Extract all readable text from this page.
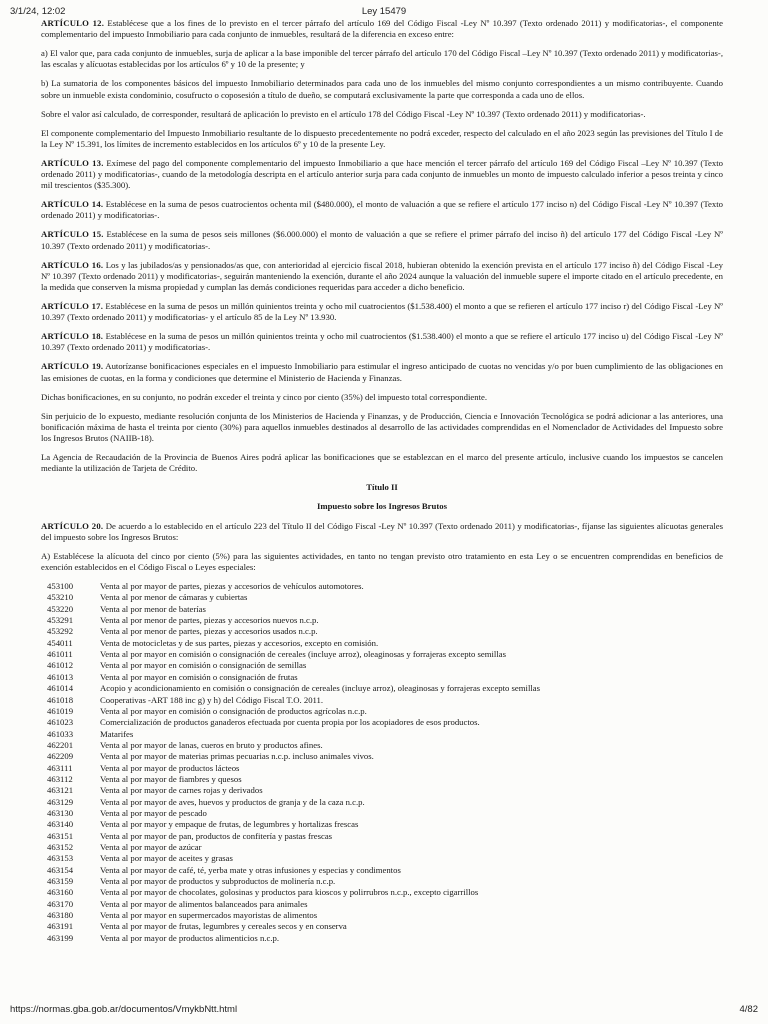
3/1/24, 12:02	Ley 15479

ARTÍCULO 12. Establécese que a los fines de lo previsto en el tercer párrafo del artículo 169 del Código Fiscal -Ley Nº 10.397 (Texto ordenado 2011) y modificatorias-, el componente complementario del impuesto Inmobiliario para cada conjunto de inmuebles, resultará de la diferencia en exceso entre:

a) El valor que, para cada conjunto de inmuebles, surja de aplicar a la base imponible del tercer párrafo del artículo 170 del Código Fiscal –Ley Nº 10.397 (Texto ordenado 2011) y modificatorias-, las escalas y alícuotas establecidas por los artículos 6º y 10 de la presente; y

b) La sumatoria de los componentes básicos del impuesto Inmobiliario determinados para cada uno de los inmuebles del mismo conjunto correspondientes a un mismo contribuyente. Cuando sobre un inmueble exista condominio, cosufructo o coposesión a título de dueño, se computará exclusivamente la parte que corresponda a cada uno de ellos.

Sobre el valor así calculado, de corresponder, resultará de aplicación lo previsto en el artículo 178 del Código Fiscal -Ley Nº 10.397 (Texto ordenado 2011) y modificatorias-.

El componente complementario del Impuesto Inmobiliario resultante de lo dispuesto precedentemente no podrá exceder, respecto del calculado en el año 2023 según las previsiones del Título I de la Ley Nº 15.391, los límites de incremento establecidos en los artículos 6º y 10 de la presente Ley.

ARTÍCULO 13. Exímese del pago del componente complementario del impuesto Inmobiliario a que hace mención el tercer párrafo del artículo 169 del Código Fiscal –Ley Nº 10.397 (Texto ordenado 2011) y modificatorias-, cuando de la metodología descripta en el artículo anterior surja para cada conjunto de inmuebles un monto de impuesto calculado inferior a pesos treinta y cinco mil trescientos ($35.300).

ARTÍCULO 14. Establécese en la suma de pesos cuatrocientos ochenta mil ($480.000), el monto de valuación a que se refiere el artículo 177 inciso n) del Código Fiscal -Ley Nº 10.397 (Texto ordenado 2011) y modificatorias-.

ARTÍCULO 15. Establécese en la suma de pesos seis millones ($6.000.000) el monto de valuación a que se refiere el primer párrafo del inciso ñ) del artículo 177 del Código Fiscal -Ley Nº 10.397 (Texto ordenado 2011) y modificatorias-.

ARTÍCULO 16. Los y las jubilados/as y pensionados/as que, con anterioridad al ejercicio fiscal 2018, hubieran obtenido la exención prevista en el artículo 177 inciso ñ) del Código Fiscal -Ley Nº 10.397 (Texto ordenado 2011) y modificatorias-, seguirán manteniendo la exención, durante el año 2024 aunque la valuación del inmueble supere el importe citado en el artículo precedente, en la medida que conserven la misma propiedad y cumplan las demás condiciones requeridas para acceder a dicho beneficio.

ARTÍCULO 17. Establécese en la suma de pesos un millón quinientos treinta y ocho mil cuatrocientos ($1.538.400) el monto a que se refieren el artículo 177 inciso r) del Código Fiscal -Ley Nº 10.397 (Texto ordenado 2011) y modificatorias- y el artículo 85 de la Ley Nº 13.930.

ARTÍCULO 18. Establécese en la suma de pesos un millón quinientos treinta y ocho mil cuatrocientos ($1.538.400) el monto a que se refiere el artículo 177 inciso u) del Código Fiscal -Ley Nº 10.397 (Texto ordenado 2011) y modificatorias-.

ARTÍCULO 19. Autorízanse bonificaciones especiales en el impuesto Inmobiliario para estimular el ingreso anticipado de cuotas no vencidas y/o por buen cumplimiento de las obligaciones en las emisiones de cuotas, en la forma y condiciones que determine el Ministerio de Hacienda y Finanzas.

Dichas bonificaciones, en su conjunto, no podrán exceder el treinta y cinco por ciento (35%) del impuesto total correspondiente.

Sin perjuicio de lo expuesto, mediante resolución conjunta de los Ministerios de Hacienda y Finanzas, y de Producción, Ciencia e Innovación Tecnológica se podrá adicionar a las anteriores, una bonificación máxima de hasta el treinta por ciento (30%) para aquellos inmuebles destinados al desarrollo de las actividades comprendidas en el Nomenclador de Actividades del Impuesto sobre los Ingresos Brutos (NAIIB-18).

La Agencia de Recaudación de la Provincia de Buenos Aires podrá aplicar las bonificaciones que se establezcan en el marco del presente artículo, inclusive cuando los impuestos se cancelen mediante la utilización de Tarjeta de Crédito.

Título II
Impuesto sobre los Ingresos Brutos

ARTÍCULO 20. De acuerdo a lo establecido en el artículo 223 del Título II del Código Fiscal -Ley Nº 10.397 (Texto ordenado 2011) y modificatorias-, fíjanse las siguientes alícuotas generales del impuesto sobre los Ingresos Brutos:

A) Establécese la alícuota del cinco por ciento (5%) para las siguientes actividades, en tanto no tengan previsto otro tratamiento en esta Ley o se encuentren comprendidas en beneficios de exención establecidos en el Código Fiscal o Leyes especiales:

453100	Venta al por mayor de partes, piezas y accesorios de vehículos automotores.
453210	Venta al por menor de cámaras y cubiertas
453220	Venta al por menor de baterías
453291	Venta al por menor de partes, piezas y accesorios nuevos n.c.p.
453292	Venta al por menor de partes, piezas y accesorios usados n.c.p.
454011	Venta de motocicletas y de sus partes, piezas y accesorios, excepto en comisión.
461011	Venta al por mayor en comisión o consignación de cereales (incluye arroz), oleaginosas y forrajeras excepto semillas
461012	Venta al por mayor en comisión o consignación de semillas
461013	Venta al por mayor en comisión o consignación de frutas
461014	Acopio y acondicionamiento en comisión o consignación de cereales (incluye arroz), oleaginosas y forrajeras excepto semillas
461018	Cooperativas -ART 188 inc g) y h) del Código Fiscal T.O. 2011.
461019	Venta al por mayor en comisión o consignación de productos agrícolas n.c.p.
461023	Comercialización de productos ganaderos efectuada por cuenta propia por los acopiadores de esos productos.
461033	Matarifes
462201	Venta al por mayor de lanas, cueros en bruto y productos afines.
462209	Venta al por mayor de materias primas pecuarias n.c.p. incluso animales vivos.
463111	Venta al por mayor de productos lácteos
463112	Venta al por mayor de fiambres y quesos
463121	Venta al por mayor de carnes rojas y derivados
463129	Venta al por mayor de aves, huevos y productos de granja y de la caza n.c.p.
463130	Venta al por mayor de pescado
463140	Venta al por mayor y empaque de frutas, de legumbres y hortalizas frescas
463151	Venta al por mayor de pan, productos de confitería y pastas frescas
463152	Venta al por mayor de azúcar
463153	Venta al por mayor de aceites y grasas
463154	Venta al por mayor de café, té, yerba mate y otras infusiones y especias y condimentos
463159	Venta al por mayor de productos y subproductos de molinería n.c.p.
463160	Venta al por mayor de chocolates, golosinas y productos para kioscos y polirrubros n.c.p., excepto cigarrillos
463170	Venta al por mayor de alimentos balanceados para animales
463180	Venta al por mayor en supermercados mayoristas de alimentos
463191	Venta al por mayor de frutas, legumbres y cereales secos y en conserva
463199	Venta al por mayor de productos alimenticios n.c.p.
https://normas.gba.gob.ar/documentos/VmykbNtt.html	4/82
